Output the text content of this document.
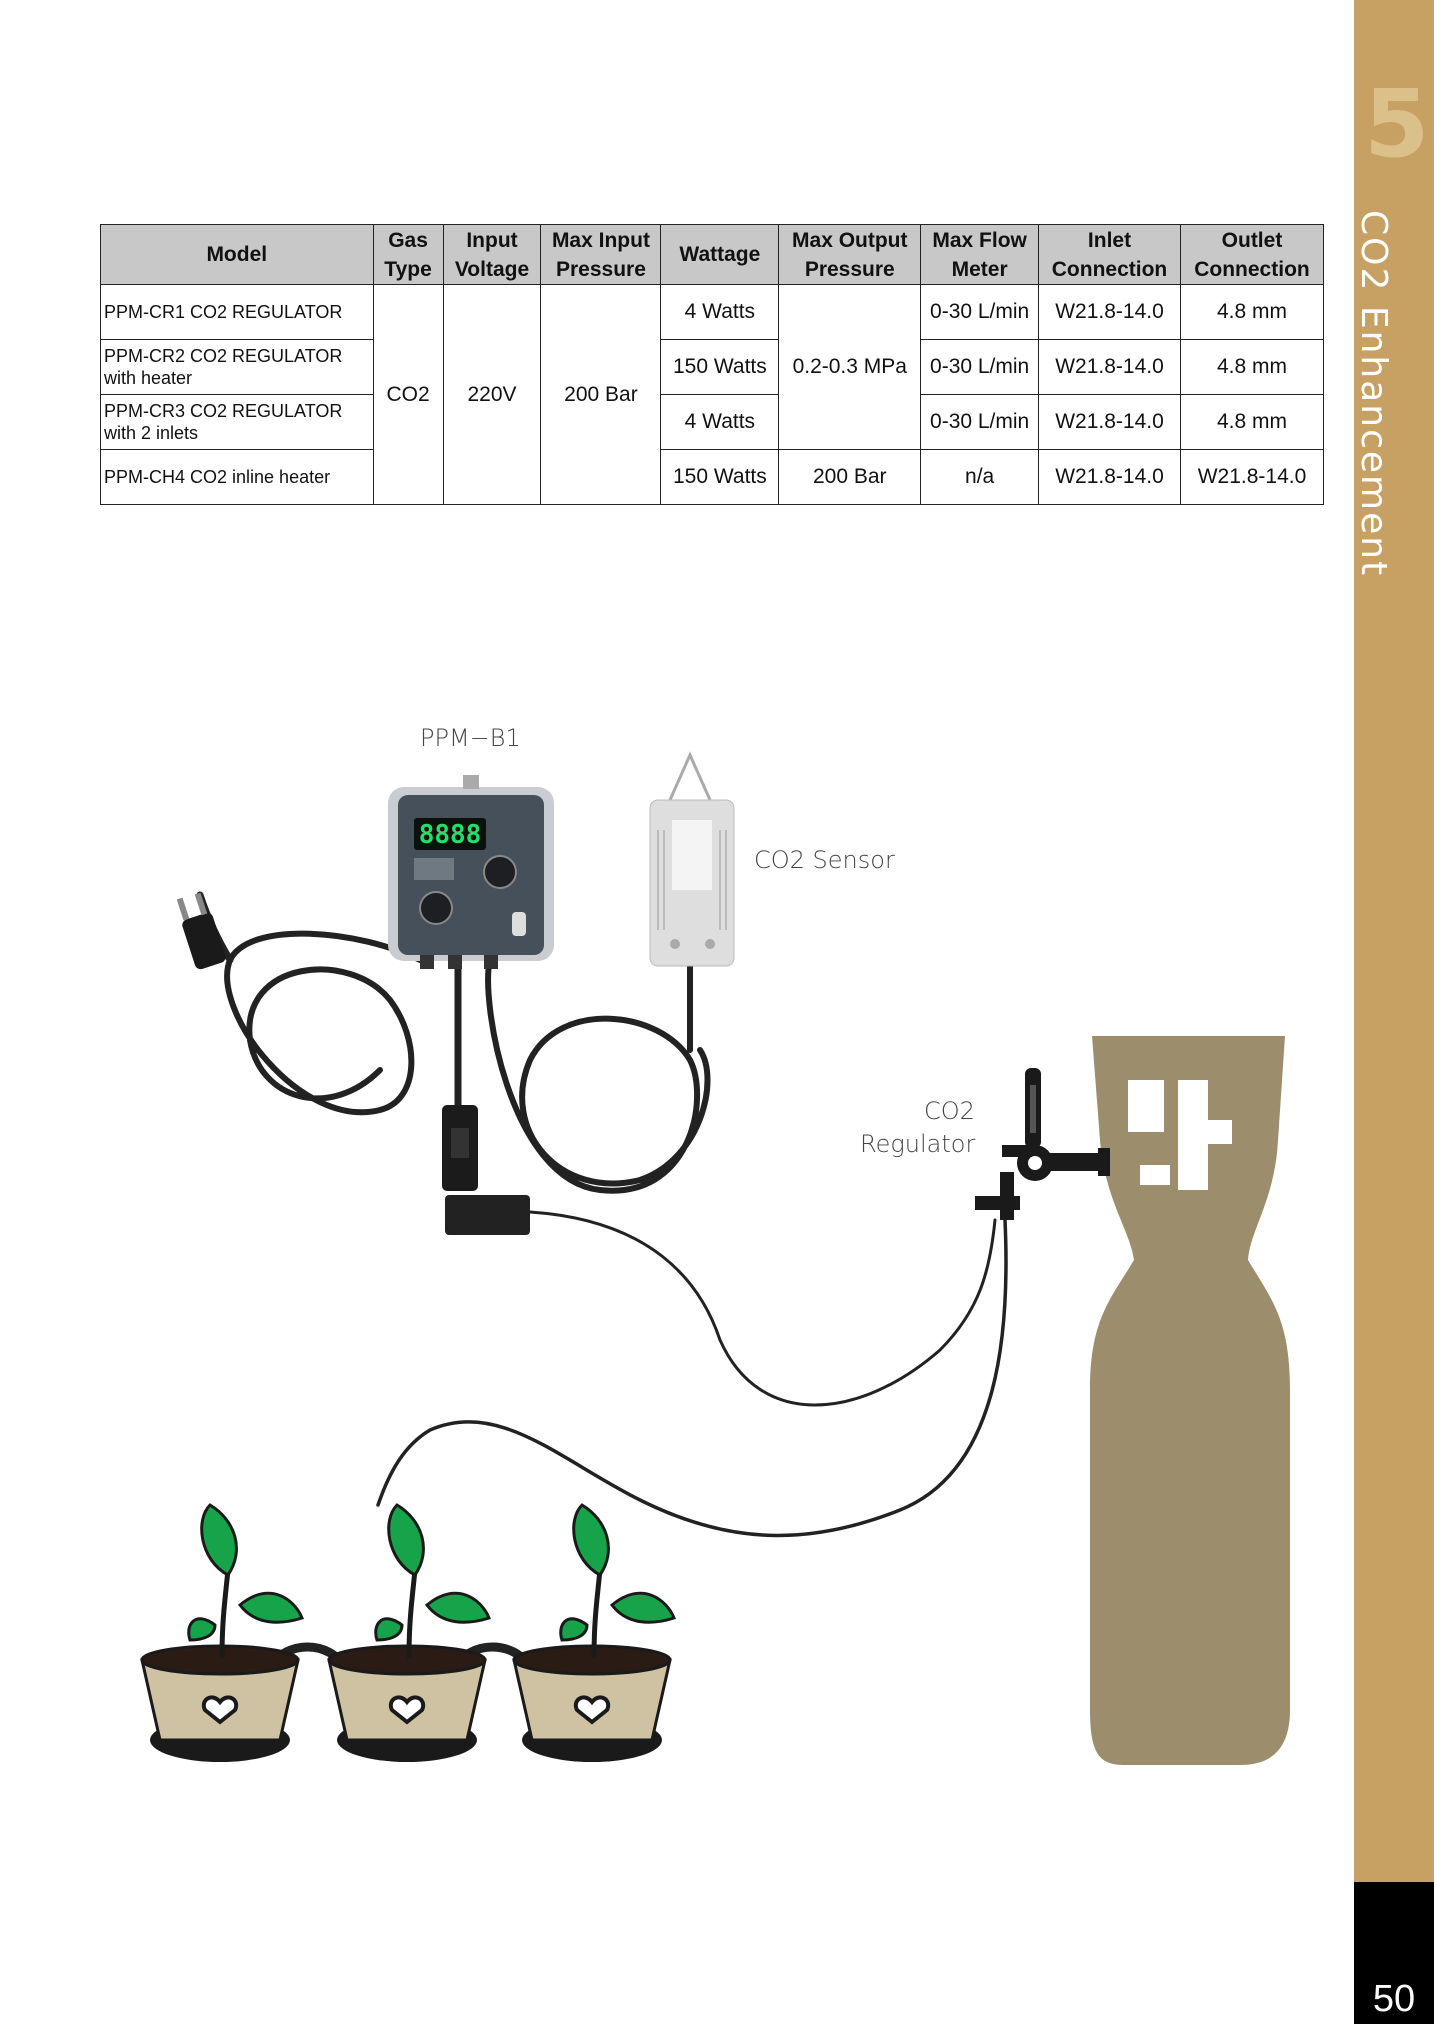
5
CO2 Enhancement
50
Model	Gas Type	Input Voltage	Max Input Pressure	Wattage	Max Output Pressure	Max Flow Meter	Inlet Connection	Outlet Connection
PPM-CR1 CO2 REGULATOR	CO2	220V	200 Bar	4 Watts	0.2-0.3 MPa	0-30 L/min	W21.8-14.0	4.8 mm
PPM-CR2 CO2 REGULATOR with heater				150 Watts		0-30 L/min	W21.8-14.0	4.8 mm
PPM-CR3 CO2 REGULATOR with 2 inlets				4 Watts		0-30 L/min	W21.8-14.0	4.8 mm
PPM-CH4 CO2 inline heater				150 Watts	200 Bar	n/a	W21.8-14.0	W21.8-14.0
PPM−B1
CO2 Sensor
CO2
Regulator
8888
